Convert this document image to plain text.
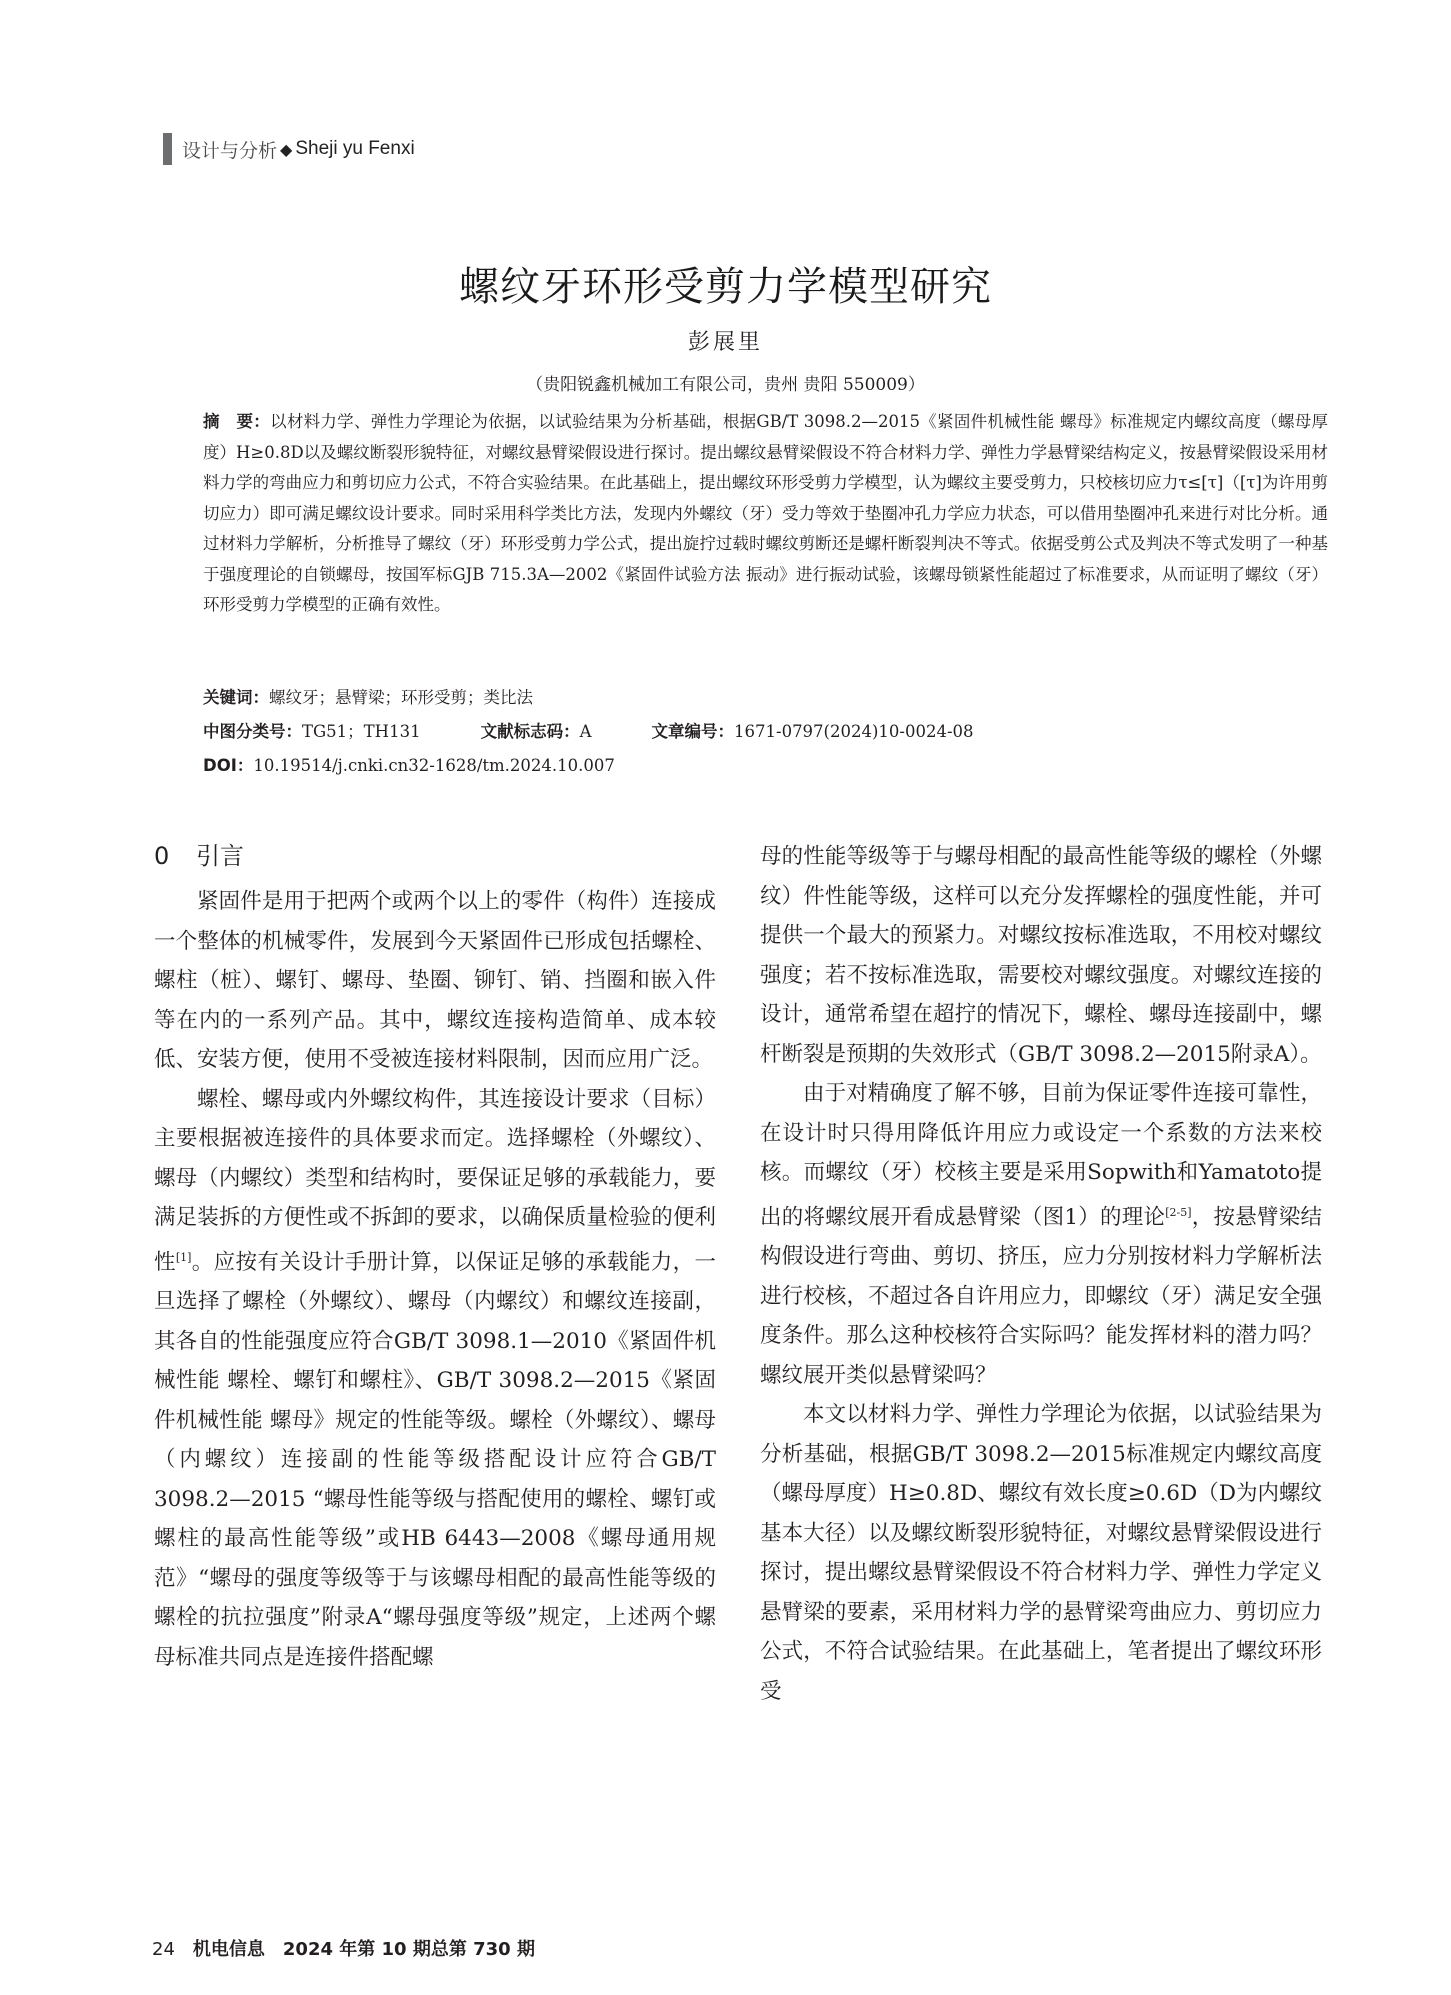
设计与分析 ◆ Sheji yu Fenxi
螺纹牙环形受剪力学模型研究
彭展里
（贵阳锐鑫机械加工有限公司，贵州 贵阳 550009）
摘　要：以材料力学、弹性力学理论为依据，以试验结果为分析基础，根据GB/T 3098.2—2015《紧固件机械性能 螺母》标准规定内螺纹高度（螺母厚度）H≥0.8D以及螺纹断裂形貌特征，对螺纹悬臂梁假设进行探讨。提出螺纹悬臂梁假设不符合材料力学、弹性力学悬臂梁结构定义，按悬臂梁假设采用材料力学的弯曲应力和剪切应力公式，不符合实验结果。在此基础上，提出螺纹环形受剪力学模型，认为螺纹主要受剪力，只校核切应力τ≤[τ]（[τ]为许用剪切应力）即可满足螺纹设计要求。同时采用科学类比方法，发现内外螺纹（牙）受力等效于垫圈冲孔力学应力状态，可以借用垫圈冲孔来进行对比分析。通过材料力学解析，分析推导了螺纹（牙）环形受剪力学公式，提出旋拧过载时螺纹剪断还是螺杆断裂判决不等式。依据受剪公式及判决不等式发明了一种基于强度理论的自锁螺母，按国军标GJB 715.3A—2002《紧固件试验方法 振动》进行振动试验，该螺母锁紧性能超过了标准要求，从而证明了螺纹（牙）环形受剪力学模型的正确有效性。
关键词：螺纹牙；悬臂梁；环形受剪；类比法
中图分类号：TG51；TH131	文献标志码：A	文章编号：1671-0797(2024)10-0024-08
DOI：10.19514/j.cnki.cn32-1628/tm.2024.10.007
0 引言

紧固件是用于把两个或两个以上的零件（构件）连接成一个整体的机械零件，发展到今天紧固件已形成包括螺栓、螺柱（桩）、螺钉、螺母、垫圈、铆钉、销、挡圈和嵌入件等在内的一系列产品。其中，螺纹连接构造简单、成本较低、安装方便，使用不受被连接材料限制，因而应用广泛。

螺栓、螺母或内外螺纹构件，其连接设计要求（目标）主要根据被连接件的具体要求而定。选择螺栓（外螺纹）、螺母（内螺纹）类型和结构时，要保证足够的承载能力，要满足装拆的方便性或不拆卸的要求，以确保质量检验的便利性[1]。应按有关设计手册计算，以保证足够的承载能力，一旦选择了螺栓（外螺纹）、螺母（内螺纹）和螺纹连接副，其各自的性能强度应符合GB/T 3098.1—2010《紧固件机械性能 螺栓、螺钉和螺柱》、GB/T 3098.2—2015《紧固件机械性能 螺母》规定的性能等级。螺栓（外螺纹）、螺母（内螺纹）连接副的性能等级搭配设计应符合GB/T 3098.2—2015 “螺母性能等级与搭配使用的螺栓、螺钉或螺柱的最高性能等级”或HB 6443—2008《螺母通用规范》“螺母的强度等级等于与该螺母相配的最高性能等级的螺栓的抗拉强度”附录A“螺母强度等级”规定，上述两个螺母标准共同点是连接件搭配螺

母的性能等级等于与螺母相配的最高性能等级的螺栓（外螺纹）件性能等级，这样可以充分发挥螺栓的强度性能，并可提供一个最大的预紧力。对螺纹按标准选取，不用校对螺纹强度；若不按标准选取，需要校对螺纹强度。对螺纹连接的设计，通常希望在超拧的情况下，螺栓、螺母连接副中，螺杆断裂是预期的失效形式（GB/T 3098.2—2015附录A）。

由于对精确度了解不够，目前为保证零件连接可靠性，在设计时只得用降低许用应力或设定一个系数的方法来校核。而螺纹（牙）校核主要是采用Sopwith和Yamatoto提出的将螺纹展开看成悬臂梁（图1）的理论[2-5]，按悬臂梁结构假设进行弯曲、剪切、挤压，应力分别按材料力学解析法进行校核，不超过各自许用应力，即螺纹（牙）满足安全强度条件。那么这种校核符合实际吗？能发挥材料的潜力吗？螺纹展开类似悬臂梁吗？

本文以材料力学、弹性力学理论为依据，以试验结果为分析基础，根据GB/T 3098.2—2015标准规定内螺纹高度（螺母厚度）H≥0.8D、螺纹有效长度≥0.6D（D为内螺纹基本大径）以及螺纹断裂形貌特征，对螺纹悬臂梁假设进行探讨，提出螺纹悬臂梁假设不符合材料力学、弹性力学定义悬臂梁的要素，采用材料力学的悬臂梁弯曲应力、剪切应力公式，不符合试验结果。在此基础上，笔者提出了螺纹环形受

24 机电信息　2024 年第 10 期总第 730 期
